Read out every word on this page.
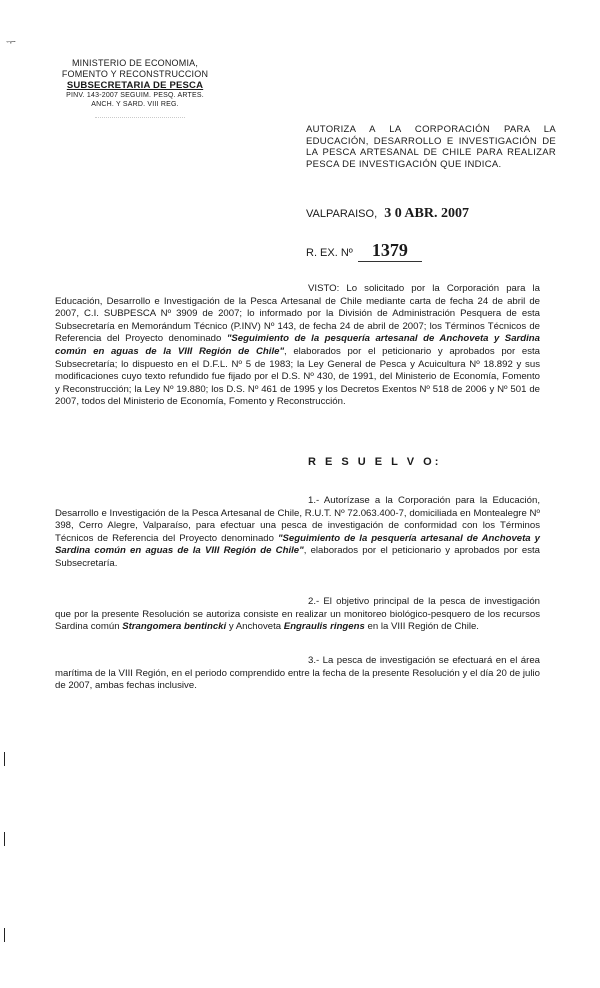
ᅮ
MINISTERIO DE ECONOMIA,
FOMENTO Y RECONSTRUCCION
SUBSECRETARIA DE PESCA
PINV. 143-2007 SEGUIM. PESQ. ARTES.
ANCH. Y SARD. VIII REG.
AUTORIZA A LA CORPORACIÓN PARA LA EDUCACIÓN, DESARROLLO E INVESTIGACIÓN DE LA PESCA ARTESANAL DE CHILE PARA REALIZAR PESCA DE INVESTIGACIÓN QUE INDICA.
VALPARAISO, 3 0 ABR. 2007
R. EX. Nº 1379
VISTO: Lo solicitado por la Corporación para la Educación, Desarrollo e Investigación de la Pesca Artesanal de Chile mediante carta de fecha 24 de abril de 2007, C.I. SUBPESCA Nº 3909 de 2007; lo informado por la División de Administración Pesquera de esta Subsecretaría en Memorándum Técnico (P.INV) Nº 143, de fecha 24 de abril de 2007; los Términos Técnicos de Referencia del Proyecto denominado "Seguimiento de la pesquería artesanal de Anchoveta y Sardina común en aguas de la VIII Región de Chile", elaborados por el peticionario y aprobados por esta Subsecretaría; lo dispuesto en el D.F.L. Nº 5 de 1983; la Ley General de Pesca y Acuicultura Nº 18.892 y sus modificaciones cuyo texto refundido fue fijado por el D.S. Nº 430, de 1991, del Ministerio de Economía, Fomento y Reconstrucción; la Ley Nº 19.880; los D.S. Nº 461 de 1995 y los Decretos Exentos Nº 518 de 2006 y Nº 501 de 2007, todos del Ministerio de Economía, Fomento y Reconstrucción.
R E S U E L V O:
1.- Autorízase a la Corporación para la Educación, Desarrollo e Investigación de la Pesca Artesanal de Chile, R.U.T. Nº 72.063.400-7, domiciliada en Montealegre Nº 398, Cerro Alegre, Valparaíso, para efectuar una pesca de investigación de conformidad con los Términos Técnicos de Referencia del Proyecto denominado "Seguimiento de la pesquería artesanal de Anchoveta y Sardina común en aguas de la VIII Región de Chile", elaborados por el peticionario y aprobados por esta Subsecretaría.
2.- El objetivo principal de la pesca de investigación que por la presente Resolución se autoriza consiste en realizar un monitoreo biológico-pesquero de los recursos Sardina común Strangomera bentincki y Anchoveta Engraulis ringens en la VIII Región de Chile.
3.- La pesca de investigación se efectuará en el área marítima de la VIII Región, en el periodo comprendido entre la fecha de la presente Resolución y el día 20 de julio de 2007, ambas fechas inclusive.
